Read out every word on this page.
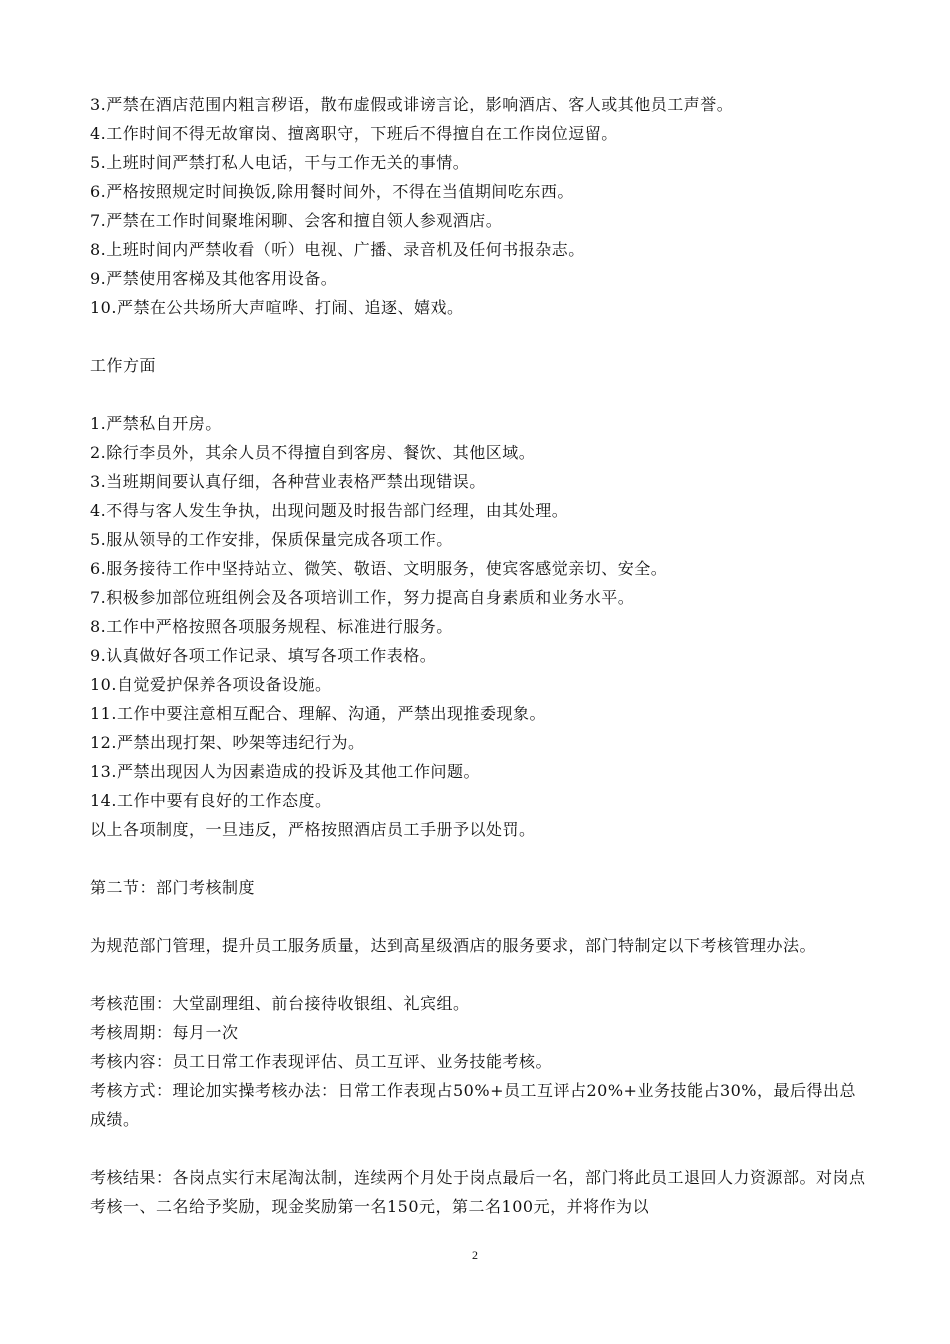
3.严禁在酒店范围内粗言秽语，散布虚假或诽谤言论，影响酒店、客人或其他员工声誉。
4.工作时间不得无故窜岗、擅离职守，下班后不得擅自在工作岗位逗留。
5.上班时间严禁打私人电话，干与工作无关的事情。
6.严格按照规定时间换饭,除用餐时间外，不得在当值期间吃东西。
7.严禁在工作时间聚堆闲聊、会客和擅自领人参观酒店。
8.上班时间内严禁收看（听）电视、广播、录音机及任何书报杂志。
9.严禁使用客梯及其他客用设备。
10.严禁在公共场所大声喧哗、打闹、追逐、嬉戏。
工作方面
1.严禁私自开房。
2.除行李员外，其余人员不得擅自到客房、餐饮、其他区域。
3.当班期间要认真仔细，各种营业表格严禁出现错误。
4.不得与客人发生争执，出现问题及时报告部门经理，由其处理。
5.服从领导的工作安排，保质保量完成各项工作。
6.服务接待工作中坚持站立、微笑、敬语、文明服务，使宾客感觉亲切、安全。
7.积极参加部位班组例会及各项培训工作，努力提高自身素质和业务水平。
8.工作中严格按照各项服务规程、标准进行服务。
9.认真做好各项工作记录、填写各项工作表格。
10.自觉爱护保养各项设备设施。
11.工作中要注意相互配合、理解、沟通，严禁出现推委现象。
12.严禁出现打架、吵架等违纪行为。
13.严禁出现因人为因素造成的投诉及其他工作问题。
14.工作中要有良好的工作态度。
以上各项制度，一旦违反，严格按照酒店员工手册予以处罚。
第二节：部门考核制度
为规范部门管理，提升员工服务质量，达到高星级酒店的服务要求，部门特制定以下考核管理办法。
考核范围：大堂副理组、前台接待收银组、礼宾组。
考核周期：每月一次
考核内容：员工日常工作表现评估、员工互评、业务技能考核。
考核方式：理论加实操考核办法：日常工作表现占50%+员工互评占20%+业务技能占30%，最后得出总成绩。
考核结果：各岗点实行末尾淘汰制，连续两个月处于岗点最后一名，部门将此员工退回人力资源部。对岗点考核一、二名给予奖励，现金奖励第一名150元，第二名100元，并将作为以
2
